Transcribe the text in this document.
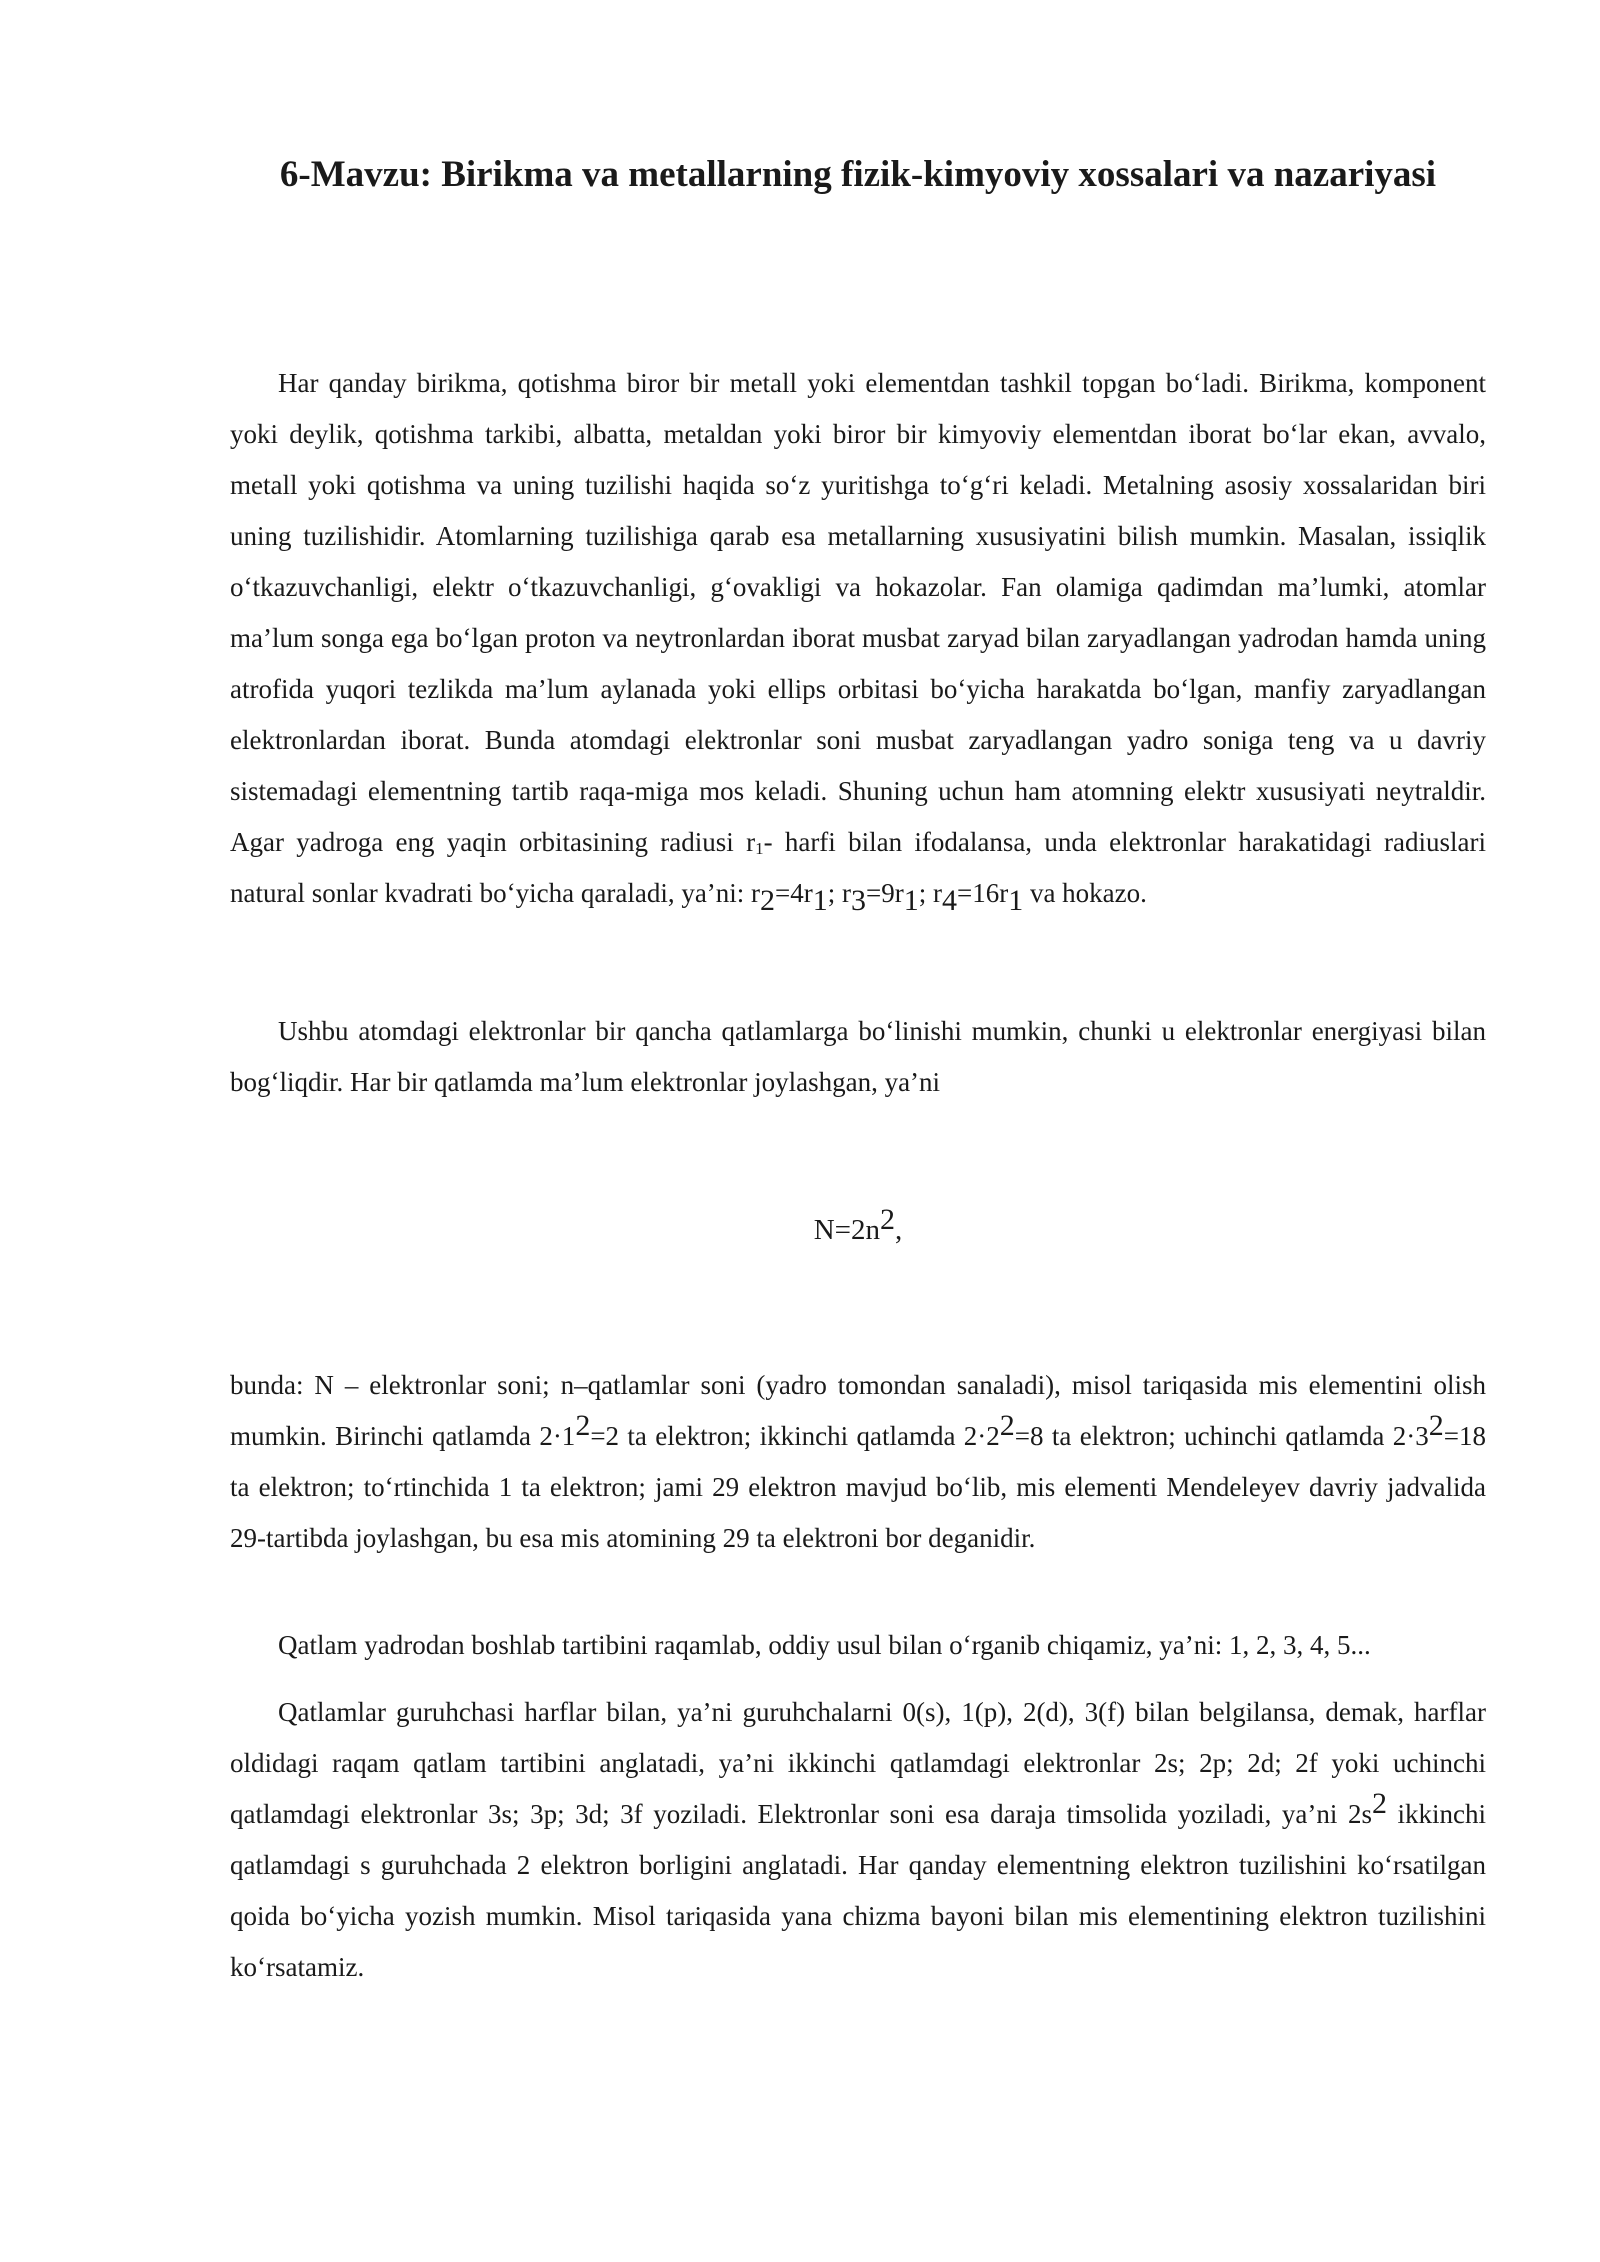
6-Mavzu: Birikma va metallarning fizik-kimyoviy xossalari va nazariyasi

Har qanday birikma, qotishma biror bir metall yoki elementdan tashkil topgan bo‘ladi. Birikma, komponent yoki deylik, qotishma tarkibi, albatta, metaldan yoki biror bir kimyoviy elementdan iborat bo‘lar ekan, avvalo, metall yoki qotishma va uning tuzilishi haqida so‘z yuritishga to‘g‘ri keladi. Metalning asosiy xossalaridan biri uning tuzilishidir. Atomlarning tuzilishiga qarab esa metallarning xususiyatini bilish mumkin. Masalan, issiqlik o‘tkazuvchanligi, elektr o‘tkazuvchanligi, g‘ovakligi va hokazolar. Fan olamiga qadimdan ma’lumki, atomlar ma’lum songa ega bo‘lgan proton va neytronlardan iborat musbat zaryad bilan zaryadlangan yadrodan hamda uning atrofida yuqori tezlikda ma’lum aylanada yoki ellips orbitasi bo‘yicha harakatda bo‘lgan, manfiy zaryadlangan elektronlardan iborat. Bunda atomdagi elektronlar soni musbat zaryadlangan yadro soniga teng va u davriy sistemadagi elementning tartib raqa-miga mos keladi. Shuning uchun ham atomning elektr xususiyati neytraldir. Agar yadroga eng yaqin orbitasining radiusi $r_1-$ harfi bilan ifodalansa, unda elektronlar harakatidagi radiuslari natural sonlar kvadrati bo‘yicha qaraladi, ya’ni: $r_2=4r_1$; $r_3=9r_1$; $r_4=16r_1$ va hokazo.

Ushbu atomdagi elektronlar bir qancha qatlamlarga bo‘linishi mumkin, chunki u elektronlar energiyasi bilan bog‘liqdir. Har bir qatlamda ma’lum elektronlar joylashgan, ya’ni

$N=2n^2$,

bunda: N – elektronlar soni; n–qatlamlar soni (yadro tomondan sanaladi), misol tariqasida mis elementini olish mumkin. Birinchi qatlamda $2\cdot 1^2=2$ ta elektron; ikkinchi qatlamda $2\cdot 2^2=8$ ta elektron; uchinchi qatlamda $2\cdot 3^2=18$ ta elektron; to‘rtinchida 1 ta elektron; jami 29 elektron mavjud bo‘lib, mis elementi Mendeleyev davriy jadvalida 29-tartibda joylashgan, bu esa mis atomining 29 ta elektroni bor deganidir.

Qatlam yadrodan boshlab tartibini raqamlab, oddiy usul bilan o‘rganib chiqamiz, ya’ni: 1, 2, 3, 4, 5...

Qatlamlar guruhchasi harflar bilan, ya’ni guruhchalarni 0(s), 1(p), 2(d), 3(f) bilan belgilansa, demak, harflar oldidagi raqam qatlam tartibini anglatadi, ya’ni ikkinchi qatlamdagi elektronlar 2s; 2p; 2d; 2f yoki uchinchi qatlamdagi elektronlar 3s; 3p; 3d; 3f yoziladi. Elektronlar soni esa daraja timsolida yoziladi, ya’ni $2s^2$ ikkinchi qatlamdagi s guruhchada 2 elektron borligini anglatadi. Har qanday elementning elektron tuzilishini ko‘rsatilgan qoida bo‘yicha yozish mumkin. Misol tariqasida yana chizma bayoni bilan mis elementining elektron tuzilishini ko‘rsatamiz.
